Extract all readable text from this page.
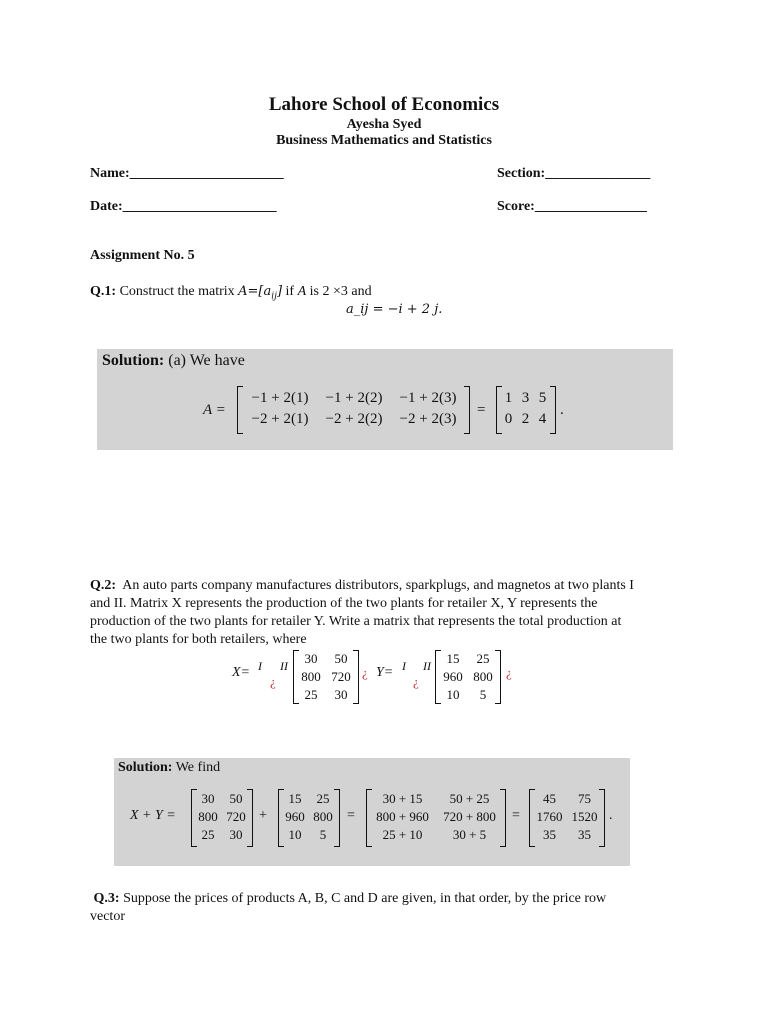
Lahore School of Economics
Ayesha Syed
Business Mathematics and Statistics
Name:______________________	Section:_______________
Date:______________________	Score:________________
Assignment No. 5
Q.1: Construct the matrix $A=[a_{ij}]$ if A is 2 ×3 and
a_ij = −i + 2 j.
Solution: (a) We have
A =
−1 + 2(1)	−1 + 2(2)	−1 + 2(3)
−2 + 2(1)	−2 + 2(2)	−2 + 2(3)
=
1 3 5
0 2 4
.
Q.2: An auto parts company manufactures distributors, sparkplugs, and magnetos at two plants I
and II. Matrix X represents the production of the two plants for retailer X, Y represents the
production of the two plants for retailer Y. Write a matrix that represents the total production at
the two plants for both retailers, where
X= I
¿
II	30	50
800 720
25	30
¿ Y= I
¿
II	15	25
960 800
10	5
¿
Solution: We find
X + Y =
30	50
800 720
25	30
+
15	25
960 800
10	5
=
30 + 15	50 + 25
800 + 960	720 + 800
25 + 10	30 + 5
=
45	75
1760 1520
35	35
.
Q.3: Suppose the prices of products A, B, C and D are given, in that order, by the price row
vector
